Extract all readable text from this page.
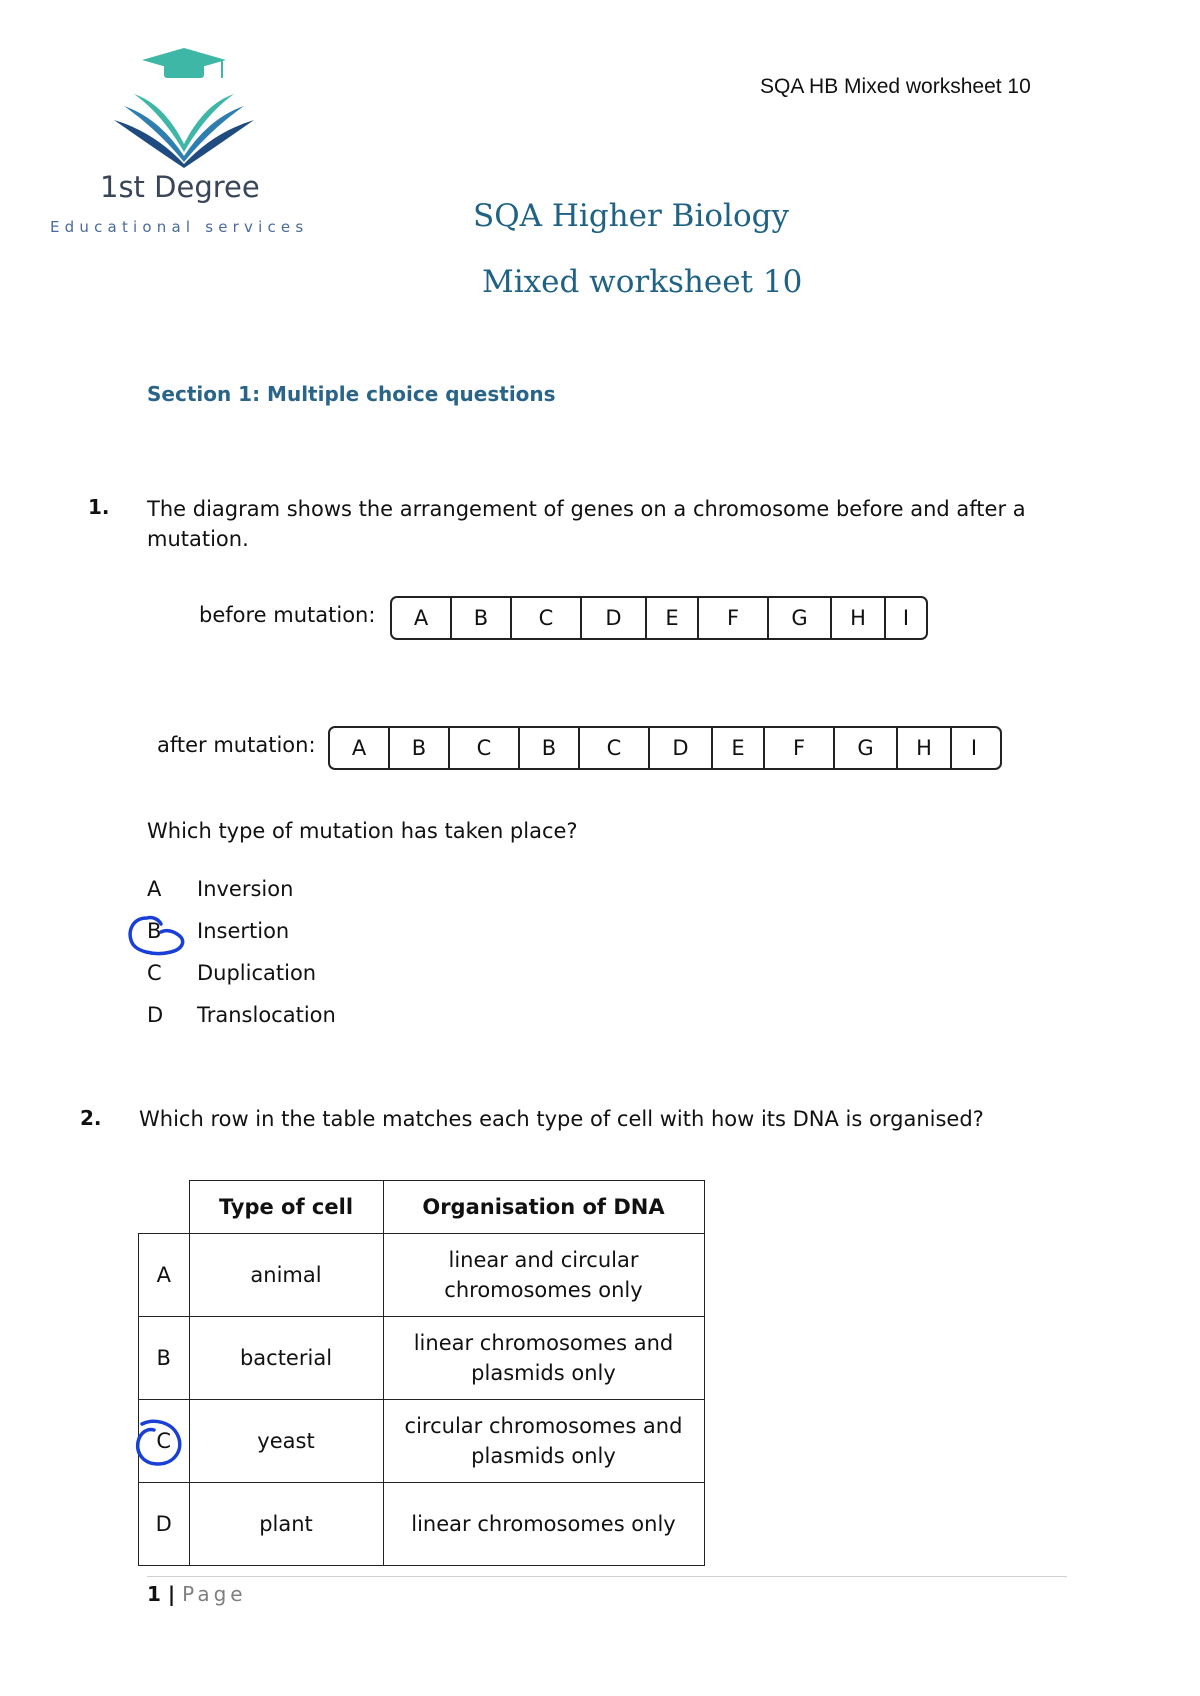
1st Degree
Educational services
SQA HB Mixed worksheet 10
SQA Higher Biology
Mixed worksheet 10
Section 1: Multiple choice questions
1. The diagram shows the arrangement of genes on a chromosome before and after a mutation.
before mutation:	A	B	C	D	E	F	G	H	I
after mutation:	A	B	C	B	C	D	E	F	G	H	I
Which type of mutation has taken place?
A	Inversion
B	Insertion
C	Duplication
D	Translocation
2. Which row in the table matches each type of cell with how its DNA is organised?
	Type of cell	Organisation of DNA
A	animal	linear and circular chromosomes only

B	bacterial	linear chromosomes and plasmids only

C	yeast	circular chromosomes and plasmids only

D	plant	linear chromosomes only
1 | Page
